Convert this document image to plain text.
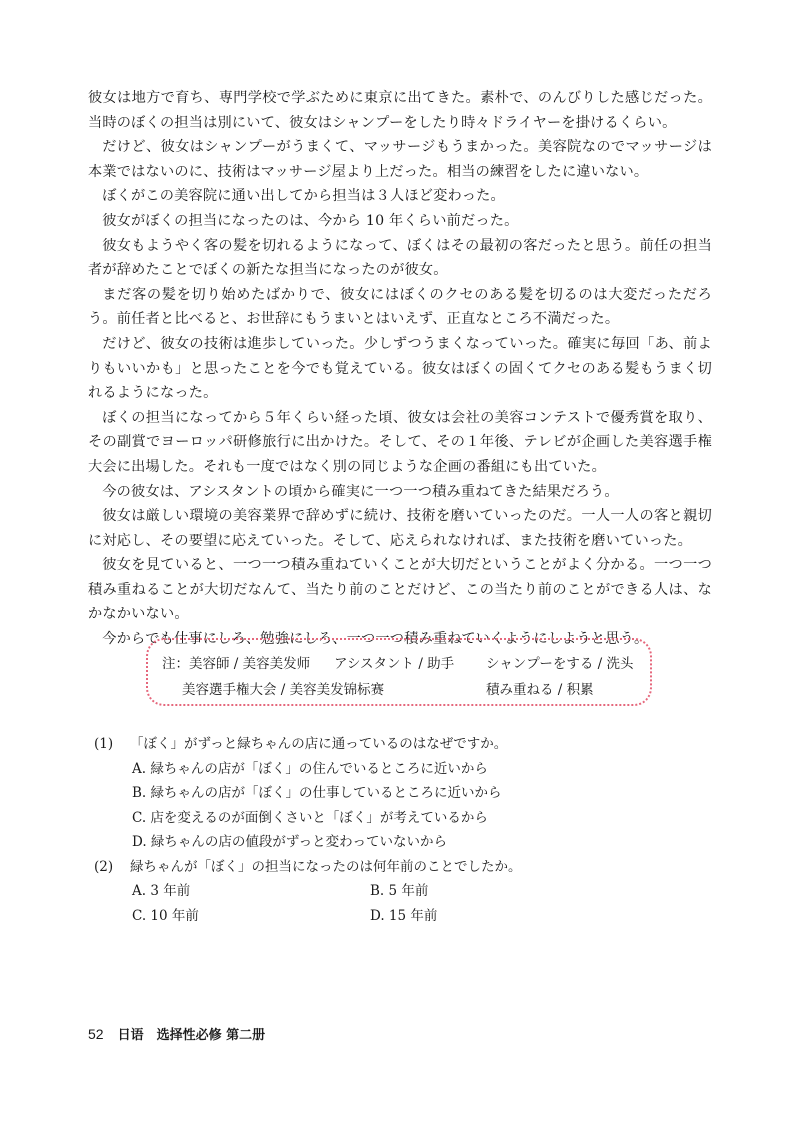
彼女は地方で育ち、専門学校で学ぶために東京に出てきた。素朴で、のんびりした感じだった。当時のぼくの担当は別にいて、彼女はシャンプーをしたり時々ドライヤーを掛けるくらい。

だけど、彼女はシャンプーがうまくて、マッサージもうまかった。美容院なのでマッサージは本業ではないのに、技術はマッサージ屋より上だった。相当の練習をしたに違いない。

ぼくがこの美容院に通い出してから担当は３人ほど変わった。

彼女がぼくの担当になったのは、今から 10 年くらい前だった。

彼女もようやく客の髪を切れるようになって、ぼくはその最初の客だったと思う。前任の担当者が辞めたことでぼくの新たな担当になったのが彼女。

まだ客の髪を切り始めたばかりで、彼女にはぼくのクセのある髪を切るのは大変だっただろう。前任者と比べると、お世辞にもうまいとはいえず、正直なところ不満だった。

だけど、彼女の技術は進歩していった。少しずつうまくなっていった。確実に毎回「あ、前よりもいいかも」と思ったことを今でも覚えている。彼女はぼくの固くてクセのある髪もうまく切れるようになった。

ぼくの担当になってから５年くらい経った頃、彼女は会社の美容コンテストで優秀賞を取り、その副賞でヨーロッパ研修旅行に出かけた。そして、その１年後、テレビが企画した美容選手権大会に出場した。それも一度ではなく別の同じような企画の番組にも出ていた。

今の彼女は、アシスタントの頃から確実に一つ一つ積み重ねてきた結果だろう。

彼女は厳しい環境の美容業界で辞めずに続け、技術を磨いていったのだ。一人一人の客と親切に対応し、その要望に応えていった。そして、応えられなければ、また技術を磨いていった。

彼女を見ていると、一つ一つ積み重ねていくことが大切だということがよく分かる。一つ一つ積み重ねることが大切だなんて、当たり前のことだけど、この当たり前のことができる人は、なかなかいない。

今からでも仕事にしろ、勉強にしろ、一つ一つ積み重ねていくようにしようと思う。

注：美容師 / 美容美发师 アシスタント / 助手 シャンプーをする / 洗头
美容選手権大会 / 美容美发锦标赛	積み重ねる / 积累
(1) 「ぼく」がずっと緑ちゃんの店に通っているのはなぜですか。
A. 緑ちゃんの店が「ぼく」の住んでいるところに近いから
B. 緑ちゃんの店が「ぼく」の仕事しているところに近いから
C. 店を変えるのが面倒くさいと「ぼく」が考えているから
D. 緑ちゃんの店の値段がずっと変わっていないから
(2) 緑ちゃんが「ぼく」の担当になったのは何年前のことでしたか。
A. 3 年前	B. 5 年前
C. 10 年前	D. 15 年前
52 日语　选择性必修 第二册
